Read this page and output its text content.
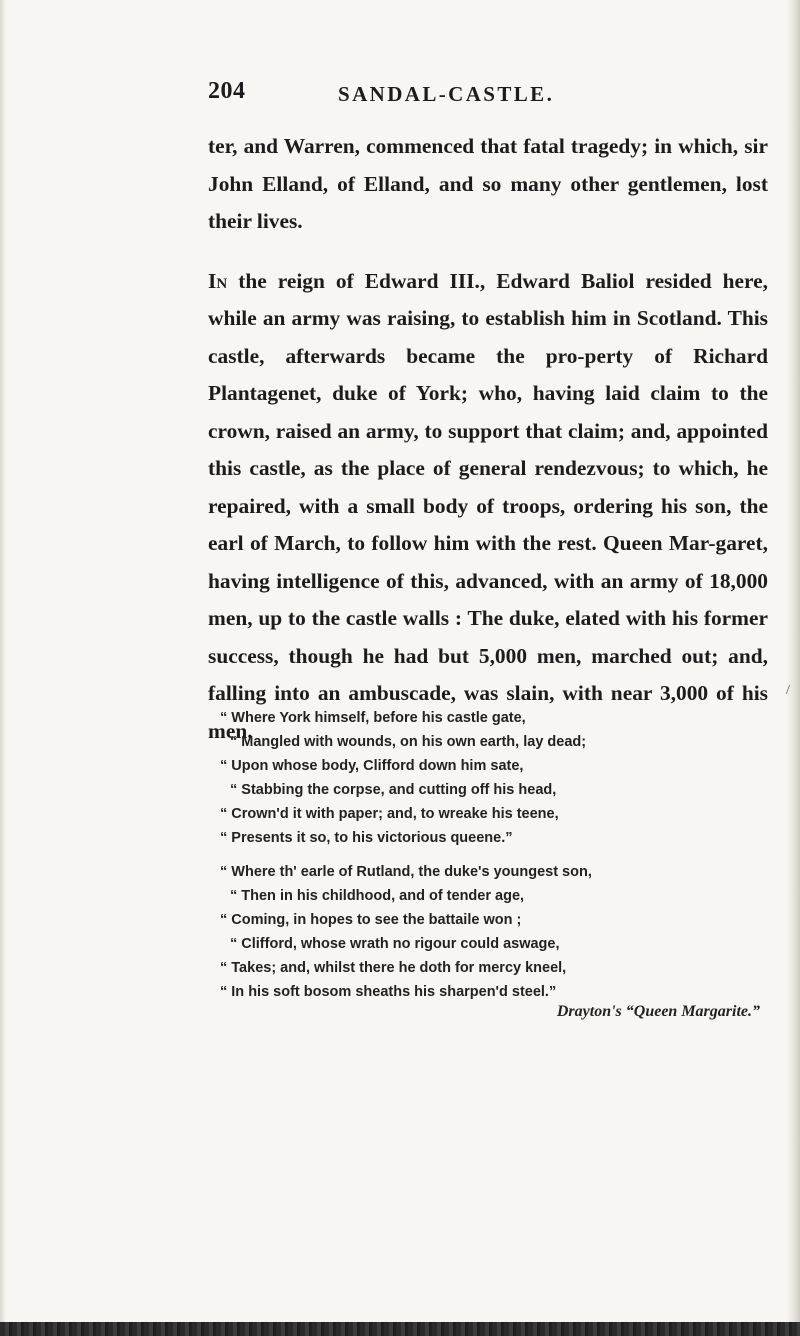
204	SANDAL-CASTLE.

ter, and Warren, commenced that fatal tragedy; in which, sir John Elland, of Elland, and so many other gentlemen, lost their lives.

In the reign of Edward III., Edward Baliol resided here, while an army was raising, to establish him in Scotland. This castle, afterwards became the pro-perty of Richard Plantagenet, duke of York; who, having laid claim to the crown, raised an army, to support that claim; and, appointed this castle, as the place of general rendezvous; to which, he repaired, with a small body of troops, ordering his son, the earl of March, to follow him with the rest. Queen Mar-garet, having intelligence of this, advanced, with an army of 18,000 men, up to the castle walls : The duke, elated with his former success, though he had but 5,000 men, marched out; and, falling into an ambuscade, was slain, with near 3,000 of his men.

/
“ Where York himself, before his castle gate,
“ Mangled with wounds, on his own earth, lay dead;
“ Upon whose body, Clifford down him sate,
“ Stabbing the corpse, and cutting off his head,
“ Crown'd it with paper; and, to wreake his teene,
“ Presents it so, to his victorious queene.”
“ Where th' earle of Rutland, the duke's youngest son,
“ Then in his childhood, and of tender age,
“ Coming, in hopes to see the battaile won ;
“ Clifford, whose wrath no rigour could aswage,
“ Takes; and, whilst there he doth for mercy kneel,
“ In his soft bosom sheaths his sharpen'd steel.”
Drayton's “Queen Margarite.”
